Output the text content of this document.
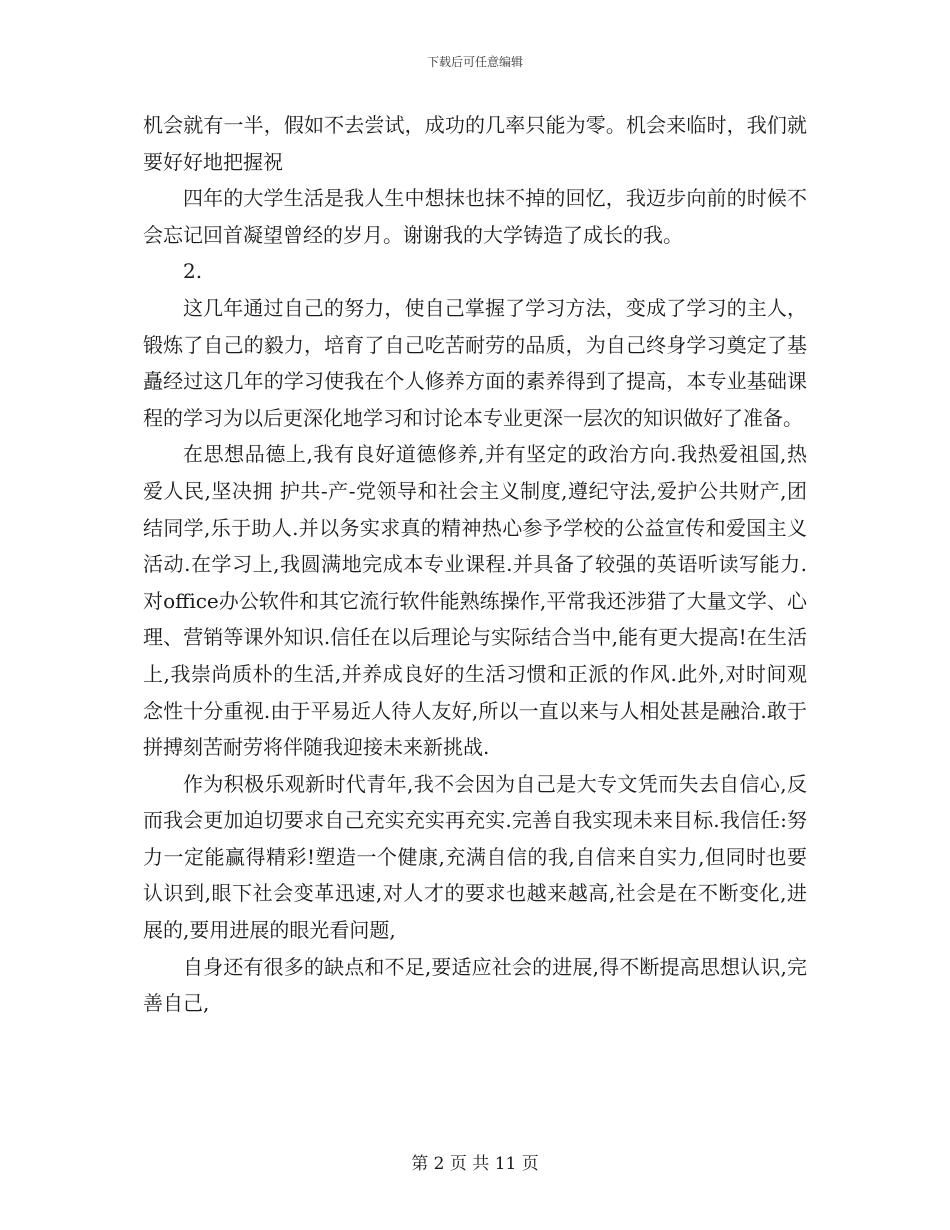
下载后可任意编辑

机会就有一半，假如不去尝试，成功的几率只能为零。机会来临时，我们就要好好地把握祝

四年的大学生活是我人生中想抹也抹不掉的回忆，我迈步向前的时候不会忘记回首凝望曾经的岁月。谢谢我的大学铸造了成长的我。

2.

这几年通过自己的努力，使自己掌握了学习方法，变成了学习的主人，锻炼了自己的毅力，培育了自己吃苦耐劳的品质，为自己终身学习奠定了基矗经过这几年的学习使我在个人修养方面的素养得到了提高，本专业基础课程的学习为以后更深化地学习和讨论本专业更深一层次的知识做好了准备。

在思想品德上,我有良好道德修养,并有坚定的政治方向.我热爱祖国,热爱人民,坚决拥 护共-产-党领导和社会主义制度,遵纪守法,爱护公共财产,团结同学,乐于助人.并以务实求真的精神热心参予学校的公益宣传和爱国主义活动.在学习上,我圆满地完成本专业课程.并具备了较强的英语听读写能力.对office办公软件和其它流行软件能熟练操作,平常我还涉猎了大量文学、心理、营销等课外知识.信任在以后理论与实际结合当中,能有更大提高!在生活上,我崇尚质朴的生活,并养成良好的生活习惯和正派的作风.此外,对时间观念性十分重视.由于平易近人待人友好,所以一直以来与人相处甚是融洽.敢于拼搏刻苦耐劳将伴随我迎接未来新挑战.

作为积极乐观新时代青年,我不会因为自己是大专文凭而失去自信心,反而我会更加迫切要求自己充实充实再充实.完善自我实现未来目标.我信任:努力一定能赢得精彩!塑造一个健康,充满自信的我,自信来自实力,但同时也要认识到,眼下社会变革迅速,对人才的要求也越来越高,社会是在不断变化,进展的,要用进展的眼光看问题,

自身还有很多的缺点和不足,要适应社会的进展,得不断提高思想认识,完善自己,

第 2 页 共 11 页
